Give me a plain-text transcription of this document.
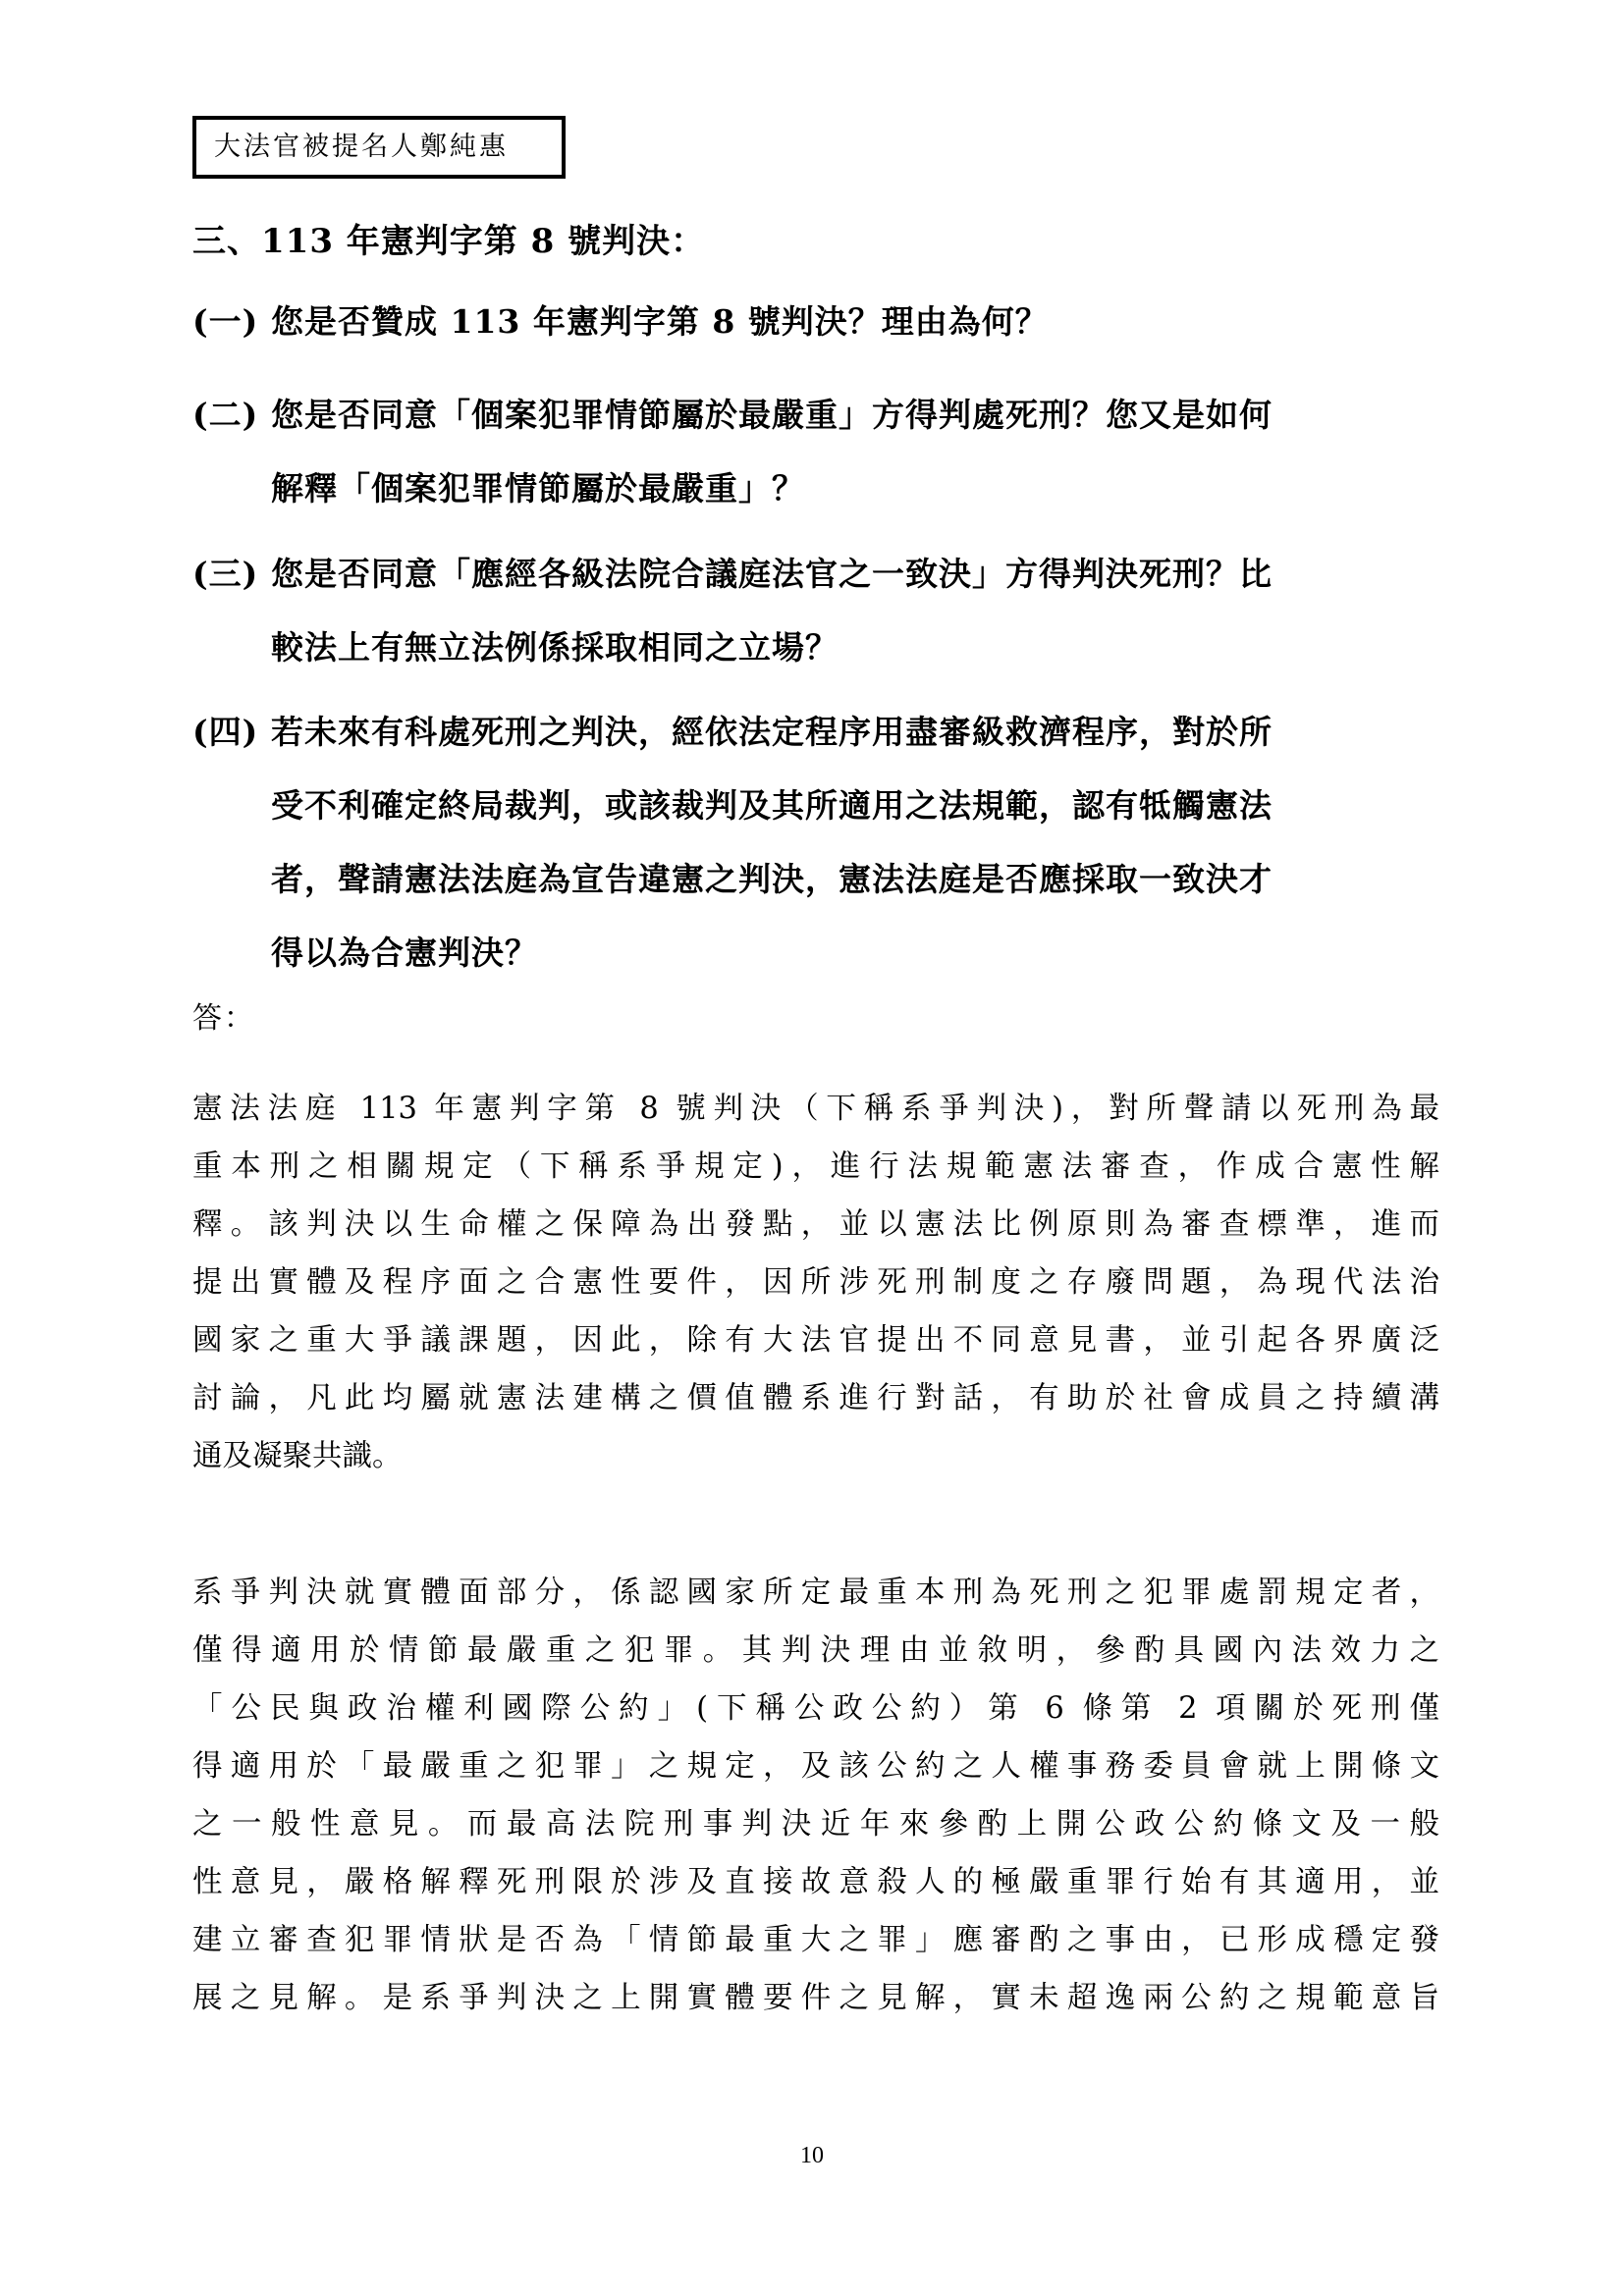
大法官被提名人鄭純惠
三、113 年憲判字第 8 號判決：
(一) 您是否贊成 113 年憲判字第 8 號判決？理由為何？
(二) 您是否同意「個案犯罪情節屬於最嚴重」方得判處死刑？您又是如何
解釋「個案犯罪情節屬於最嚴重」？
(三) 您是否同意「應經各級法院合議庭法官之一致決」方得判決死刑？比
較法上有無立法例係採取相同之立場？
(四) 若未來有科處死刑之判決，經依法定程序用盡審級救濟程序，對於所
受不利確定終局裁判，或該裁判及其所適用之法規範，認有牴觸憲法
者，聲請憲法法庭為宣告違憲之判決，憲法法庭是否應採取一致決才
得以為合憲判決？
答：
憲法法庭 113 年憲判字第 8 號判決（下稱系爭判決)，對所聲請以死刑為最
重本刑之相關規定（下稱系爭規定)，進行法規範憲法審查，作成合憲性解
釋。該判決以生命權之保障為出發點，並以憲法比例原則為審查標準，進而
提出實體及程序面之合憲性要件，因所涉死刑制度之存廢問題，為現代法治
國家之重大爭議課題，因此，除有大法官提出不同意見書，並引起各界廣泛
討論，凡此均屬就憲法建構之價值體系進行對話，有助於社會成員之持續溝
通及凝聚共識。
系爭判決就實體面部分，係認國家所定最重本刑為死刑之犯罪處罰規定者，
僅得適用於情節最嚴重之犯罪。其判決理由並敘明，參酌具國內法效力之
「公民與政治權利國際公約」(下稱公政公約）第 6 條第 2 項關於死刑僅
得適用於「最嚴重之犯罪」之規定，及該公約之人權事務委員會就上開條文
之一般性意見。而最高法院刑事判決近年來參酌上開公政公約條文及一般
性意見，嚴格解釋死刑限於涉及直接故意殺人的極嚴重罪行始有其適用，並
建立審查犯罪情狀是否為「情節最重大之罪」應審酌之事由，已形成穩定發
展之見解。是系爭判決之上開實體要件之見解，實未超逸兩公約之規範意旨
10
